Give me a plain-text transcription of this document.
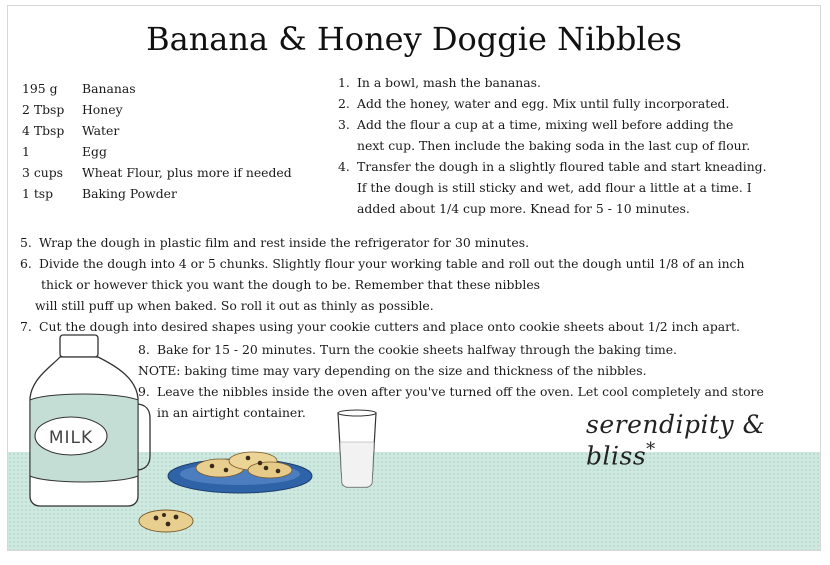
Banana & Honey Doggie Nibbles
195 g	Bananas
2 Tbsp	Honey
4 Tbsp	Water
1	Egg
3 cups	Wheat Flour, plus more if needed
1 tsp	Baking Powder
1. In a bowl, mash the bananas.
2. Add the honey, water and egg. Mix until fully incorporated.
3. Add the flour a cup at a time, mixing well before adding the
next cup. Then include the baking soda in the last cup of flour.
4. Transfer the dough in a slightly floured table and start kneading.
If the dough is still sticky and wet, add flour a little at a time. I
added about 1/4 cup more. Knead for 5 - 10 minutes.
5. Wrap the dough in plastic film and rest inside the refrigerator for 30 minutes.
6. Divide the dough into 4 or 5 chunks. Slightly flour your working table and roll out the dough until 1/8 of an inch
thick or however thick you want the dough to be. Remember that these nibbles
will still puff up when baked. So roll it out as thinly as possible.
7. Cut the dough into desired shapes using your cookie cutters and place onto cookie sheets about 1/2 inch apart.
8. Bake for 15 - 20 minutes. Turn the cookie sheets halfway through the baking time.
NOTE: baking time may vary depending on the size and thickness of the nibbles.
9. Leave the nibbles inside the oven after you've turned off the oven. Let cool completely and store
in an airtight container.
MILK	serendipity & bliss*
